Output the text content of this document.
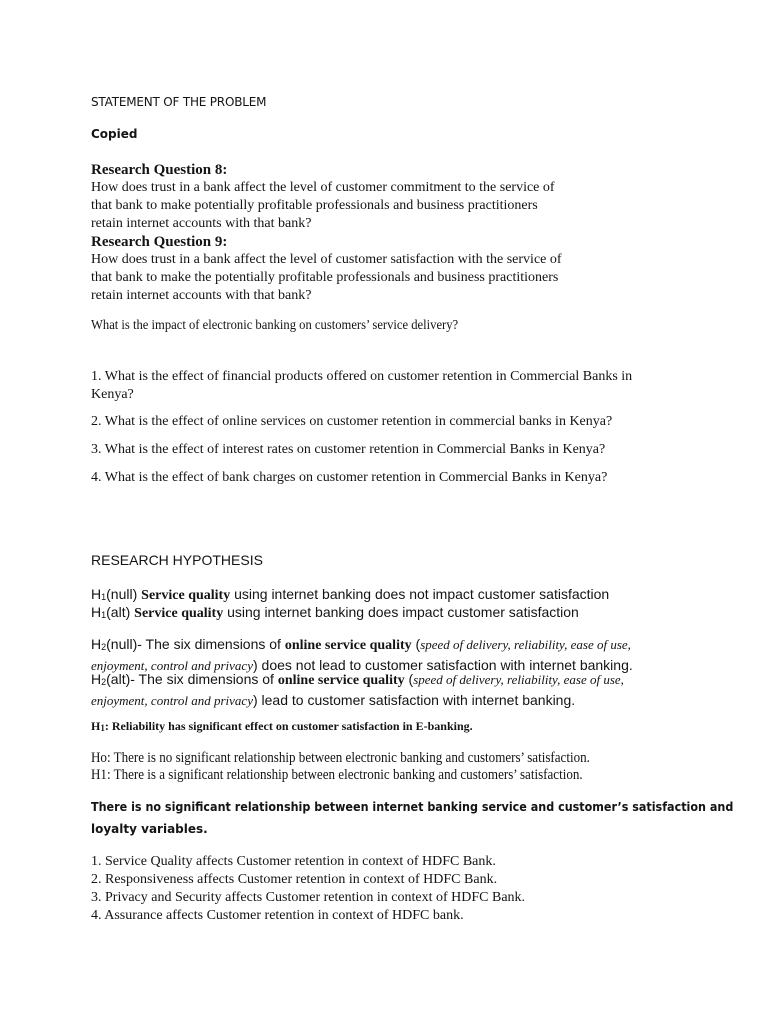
STATEMENT OF THE PROBLEM
Copied
Research Question 8:
How does trust in a bank affect the level of customer commitment to the service of
that bank to make potentially profitable professionals and business practitioners
retain internet accounts with that bank?
Research Question 9:
How does trust in a bank affect the level of customer satisfaction with the service of
that bank to make the potentially profitable professionals and business practitioners
retain internet accounts with that bank?
What is the impact of electronic banking on customers’ service delivery?
1. What is the effect of financial products offered on customer retention in Commercial Banks in
Kenya?
2. What is the effect of online services on customer retention in commercial banks in Kenya?
3. What is the effect of interest rates on customer retention in Commercial Banks in Kenya?
4. What is the effect of bank charges on customer retention in Commercial Banks in Kenya?
RESEARCH HYPOTHESIS
$H_1(null)$ Service quality using internet banking does not impact customer satisfaction
$H_1(alt)$ Service quality using internet banking does impact customer satisfaction
$H_2(null)-$ The six dimensions of online service quality (speed of delivery, reliability, ease of use,
enjoyment, control and privacy) does not lead to customer satisfaction with internet banking.
$H_2(alt)-$ The six dimensions of online service quality (speed of delivery, reliability, ease of use,
enjoyment, control and privacy) lead to customer satisfaction with internet banking.
$H_1$: Reliability has significant effect on customer satisfaction in E-banking.
Ho: There is no significant relationship between electronic banking and customers’ satisfaction.
H1: There is a significant relationship between electronic banking and customers’ satisfaction.
There is no significant relationship between internet banking service and customer’s satisfaction and
loyalty variables.
1. Service Quality affects Customer retention in context of HDFC Bank.
2. Responsiveness affects Customer retention in context of HDFC Bank.
3. Privacy and Security affects Customer retention in context of HDFC Bank.
4. Assurance affects Customer retention in context of HDFC bank.
